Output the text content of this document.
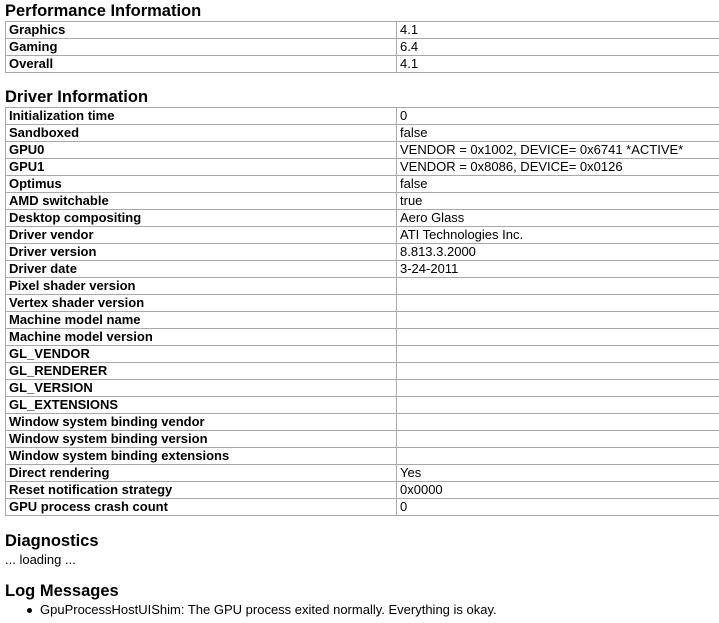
Performance Information
Graphics	4.1
Gaming	6.4
Overall	4.1
Driver Information
Initialization time	0
Sandboxed	false
GPU0	VENDOR = 0x1002, DEVICE= 0x6741 *ACTIVE*
GPU1	VENDOR = 0x8086, DEVICE= 0x0126
Optimus	false
AMD switchable	true
Desktop compositing	Aero Glass
Driver vendor	ATI Technologies Inc.
Driver version	8.813.3.2000
Driver date	3-24-2011
Pixel shader version	
Vertex shader version	
Machine model name	
Machine model version	
GL_VENDOR	
GL_RENDERER	
GL_VERSION	
GL_EXTENSIONS	
Window system binding vendor	
Window system binding version	
Window system binding extensions	
Direct rendering	Yes
Reset notification strategy	0x0000
GPU process crash count	0
Diagnostics
... loading ...
Log Messages
GpuProcessHostUIShim: The GPU process exited normally. Everything is okay.
